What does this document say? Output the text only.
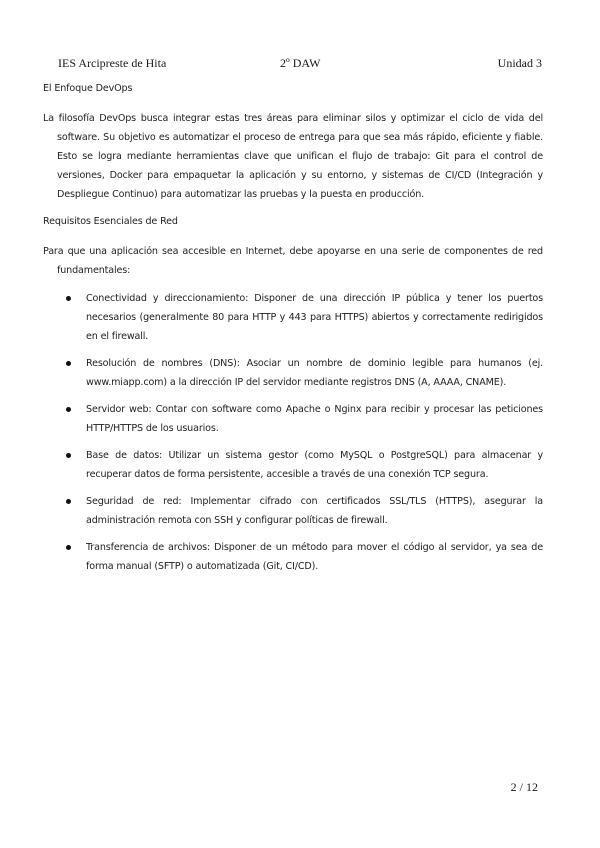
IES Arcipreste de Hita	2º DAW	Unidad 3

El Enfoque DevOps

La filosofía DevOps busca integrar estas tres áreas para eliminar silos y optimizar el ciclo de vida del software. Su objetivo es automatizar el proceso de entrega para que sea más rápido, eficiente y fiable. Esto se logra mediante herramientas clave que unifican el flujo de trabajo: Git para el control de versiones, Docker para empaquetar la aplicación y su entorno, y sistemas de CI/CD (Integración y Despliegue Continuo) para automatizar las pruebas y la puesta en producción.

Requisitos Esenciales de Red

Para que una aplicación sea accesible en Internet, debe apoyarse en una serie de componentes de red fundamentales:

Conectividad y direccionamiento: Disponer de una dirección IP pública y tener los puertos necesarios (generalmente 80 para HTTP y 443 para HTTPS) abiertos y correctamente redirigidos en el firewall.
Resolución de nombres (DNS): Asociar un nombre de dominio legible para humanos (ej. www.miapp.com) a la dirección IP del servidor mediante registros DNS (A, AAAA, CNAME).
Servidor web: Contar con software como Apache o Nginx para recibir y procesar las peticiones HTTP/HTTPS de los usuarios.
Base de datos: Utilizar un sistema gestor (como MySQL o PostgreSQL) para almacenar y recuperar datos de forma persistente, accesible a través de una conexión TCP segura.
Seguridad de red: Implementar cifrado con certificados SSL/TLS (HTTPS), asegurar la administración remota con SSH y configurar políticas de firewall.
Transferencia de archivos: Disponer de un método para mover el código al servidor, ya sea de forma manual (SFTP) o automatizada (Git, CI/CD).
2 / 12
